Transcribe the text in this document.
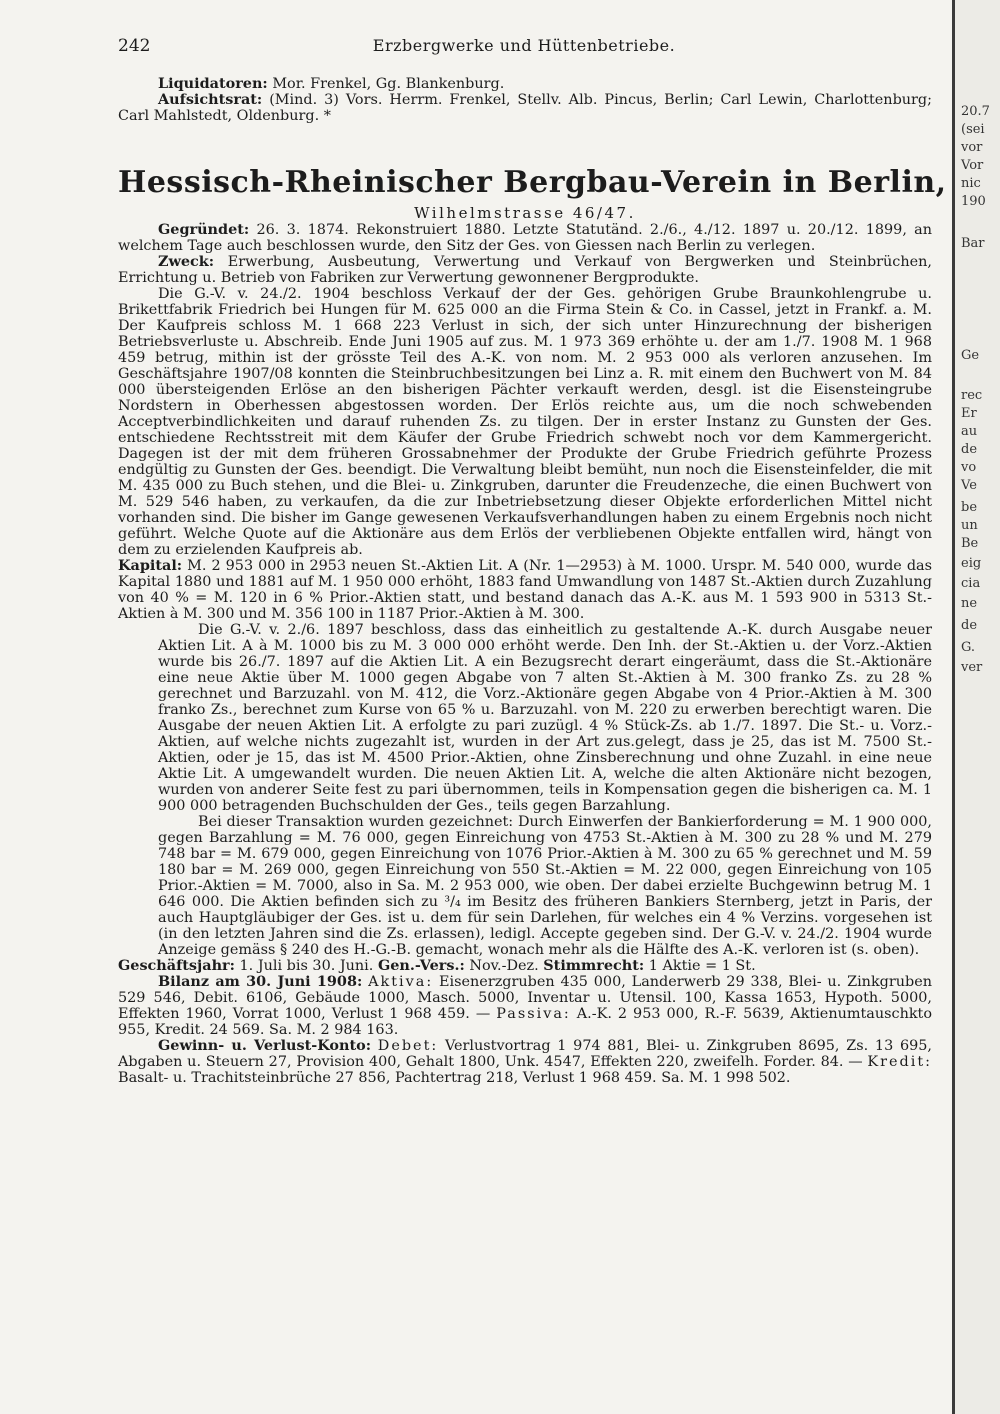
242	Erzbergwerke und Hüttenbetriebe.

Liquidatoren: Mor. Frenkel, Gg. Blankenburg.

Aufsichtsrat: (Mind. 3) Vors. Herrm. Frenkel, Stellv. Alb. Pincus, Berlin; Carl Lewin, Charlottenburg; Carl Mahlstedt, Oldenburg. *

Hessisch-Rheinischer Bergbau-Verein in Berlin,
Wilhelmstrasse 46/47.

Gegründet: 26. 3. 1874. Rekonstruiert 1880. Letzte Statutänd. 2./6., 4./12. 1897 u. 20./12. 1899, an welchem Tage auch beschlossen wurde, den Sitz der Ges. von Giessen nach Berlin zu verlegen.

Zweck: Erwerbung, Ausbeutung, Verwertung und Verkauf von Bergwerken und Steinbrüchen, Errichtung u. Betrieb von Fabriken zur Verwertung gewonnener Bergprodukte.

Die G.-V. v. 24./2. 1904 beschloss Verkauf der der Ges. gehörigen Grube Braunkohlengrube u. Brikettfabrik Friedrich bei Hungen für M. 625 000 an die Firma Stein & Co. in Cassel, jetzt in Frankf. a. M. Der Kaufpreis schloss M. 1 668 223 Verlust in sich, der sich unter Hinzurechnung der bisherigen Betriebsverluste u. Abschreib. Ende Juni 1905 auf zus. M. 1 973 369 erhöhte u. der am 1./7. 1908 M. 1 968 459 betrug, mithin ist der grösste Teil des A.-K. von nom. M. 2 953 000 als verloren anzusehen. Im Geschäftsjahre 1907/08 konnten die Steinbruchbesitzungen bei Linz a. R. mit einem den Buchwert von M. 84 000 übersteigenden Erlöse an den bisherigen Pächter verkauft werden, desgl. ist die Eisensteingrube Nordstern in Oberhessen abgestossen worden. Der Erlös reichte aus, um die noch schwebenden Acceptverbindlichkeiten und darauf ruhenden Zs. zu tilgen. Der in erster Instanz zu Gunsten der Ges. entschiedene Rechtsstreit mit dem Käufer der Grube Friedrich schwebt noch vor dem Kammergericht. Dagegen ist der mit dem früheren Grossabnehmer der Produkte der Grube Friedrich geführte Prozess endgültig zu Gunsten der Ges. beendigt. Die Verwaltung bleibt bemüht, nun noch die Eisensteinfelder, die mit M. 435 000 zu Buch stehen, und die Blei- u. Zinkgruben, darunter die Freudenzeche, die einen Buchwert von M. 529 546 haben, zu verkaufen, da die zur Inbetriebsetzung dieser Objekte erforderlichen Mittel nicht vorhanden sind. Die bisher im Gange gewesenen Verkaufsverhandlungen haben zu einem Ergebnis noch nicht geführt. Welche Quote auf die Aktionäre aus dem Erlös der verbliebenen Objekte entfallen wird, hängt von dem zu erzielenden Kaufpreis ab.

Kapital: M. 2 953 000 in 2953 neuen St.-Aktien Lit. A (Nr. 1—2953) à M. 1000. Urspr. M. 540 000, wurde das Kapital 1880 und 1881 auf M. 1 950 000 erhöht, 1883 fand Umwandlung von 1487 St.-Aktien durch Zuzahlung von 40 % = M. 120 in 6 % Prior.-Aktien statt, und bestand danach das A.-K. aus M. 1 593 900 in 5313 St.-Aktien à M. 300 und M. 356 100 in 1187 Prior.-Aktien à M. 300.

Die G.-V. v. 2./6. 1897 beschloss, dass das einheitlich zu gestaltende A.-K. durch Ausgabe neuer Aktien Lit. A à M. 1000 bis zu M. 3 000 000 erhöht werde. Den Inh. der St.-Aktien u. der Vorz.-Aktien wurde bis 26./7. 1897 auf die Aktien Lit. A ein Bezugsrecht derart eingeräumt, dass die St.-Aktionäre eine neue Aktie über M. 1000 gegen Abgabe von 7 alten St.-Aktien à M. 300 franko Zs. zu 28 % gerechnet und Barzuzahl. von M. 412, die Vorz.-Aktionäre gegen Abgabe von 4 Prior.-Aktien à M. 300 franko Zs., berechnet zum Kurse von 65 % u. Barzuzahl. von M. 220 zu erwerben berechtigt waren. Die Ausgabe der neuen Aktien Lit. A erfolgte zu pari zuzügl. 4 % Stück-Zs. ab 1./7. 1897. Die St.- u. Vorz.-Aktien, auf welche nichts zugezahlt ist, wurden in der Art zus.gelegt, dass je 25, das ist M. 7500 St.-Aktien, oder je 15, das ist M. 4500 Prior.-Aktien, ohne Zinsberechnung und ohne Zuzahl. in eine neue Aktie Lit. A umgewandelt wurden. Die neuen Aktien Lit. A, welche die alten Aktionäre nicht bezogen, wurden von anderer Seite fest zu pari übernommen, teils in Kompensation gegen die bisherigen ca. M. 1 900 000 betragenden Buchschulden der Ges., teils gegen Barzahlung.

Bei dieser Transaktion wurden gezeichnet: Durch Einwerfen der Bankierforderung = M. 1 900 000, gegen Barzahlung = M. 76 000, gegen Einreichung von 4753 St.-Aktien à M. 300 zu 28 % und M. 279 748 bar = M. 679 000, gegen Einreichung von 1076 Prior.-Aktien à M. 300 zu 65 % gerechnet und M. 59 180 bar = M. 269 000, gegen Einreichung von 550 St.-Aktien = M. 22 000, gegen Einreichung von 105 Prior.-Aktien = M. 7000, also in Sa. M. 2 953 000, wie oben. Der dabei erzielte Buchgewinn betrug M. 1 646 000. Die Aktien befinden sich zu ³/₄ im Besitz des früheren Bankiers Sternberg, jetzt in Paris, der auch Hauptgläubiger der Ges. ist u. dem für sein Darlehen, für welches ein 4 % Verzins. vorgesehen ist (in den letzten Jahren sind die Zs. erlassen), ledigl. Accepte gegeben sind. Der G.-V. v. 24./2. 1904 wurde Anzeige gemäss § 240 des H.-G.-B. gemacht, wonach mehr als die Hälfte des A.-K. verloren ist (s. oben).

Geschäftsjahr: 1. Juli bis 30. Juni. Gen.-Vers.: Nov.-Dez. Stimmrecht: 1 Aktie = 1 St.

Bilanz am 30. Juni 1908: Aktiva: Eisenerzgruben 435 000, Landerwerb 29 338, Blei- u. Zinkgruben 529 546, Debit. 6106, Gebäude 1000, Masch. 5000, Inventar u. Utensil. 100, Kassa 1653, Hypoth. 5000, Effekten 1960, Vorrat 1000, Verlust 1 968 459. — Passiva: A.-K. 2 953 000, R.-F. 5639, Aktienumtauschkto 955, Kredit. 24 569. Sa. M. 2 984 163.

Gewinn- u. Verlust-Konto: Debet: Verlustvortrag 1 974 881, Blei- u. Zinkgruben 8695, Zs. 13 695, Abgaben u. Steuern 27, Provision 400, Gehalt 1800, Unk. 4547, Effekten 220, zweifelh. Forder. 84. — Kredit: Basalt- u. Trachitsteinbrüche 27 856, Pachtertrag 218, Verlust 1 968 459. Sa. M. 1 998 502.

20.7
(sei
vor
Vor
nic
190
Bar
Ge
rec
Er
au
de
vo
Ve
be
un
Be
eig
cia
ne
de
G.
ver
